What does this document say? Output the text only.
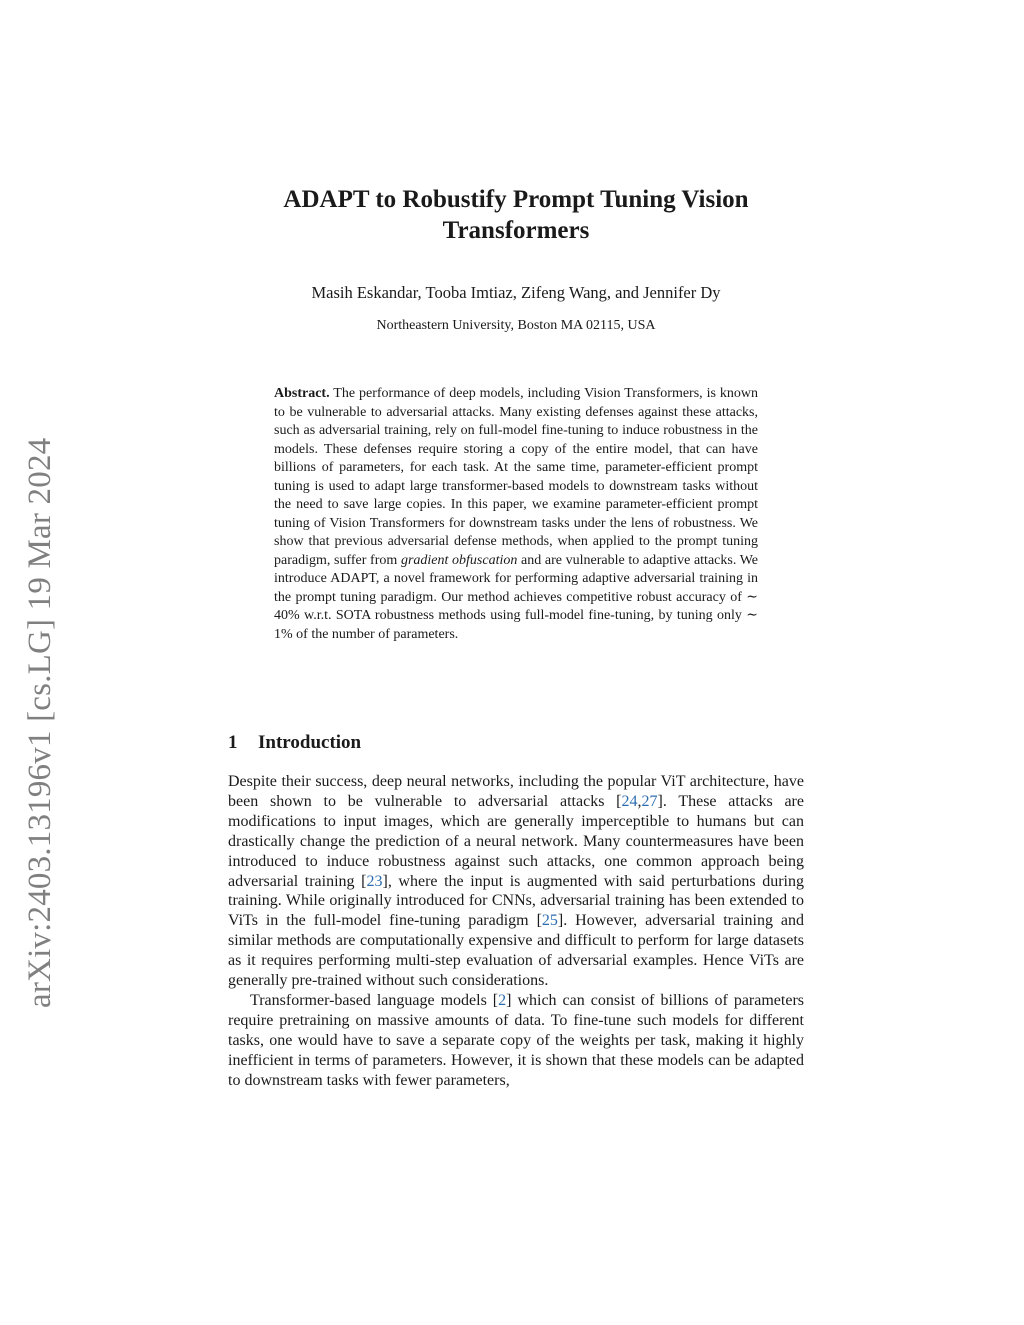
arXiv:2403.13196v1 [cs.LG] 19 Mar 2024
ADAPT to Robustify Prompt Tuning Vision Transformers
Masih Eskandar, Tooba Imtiaz, Zifeng Wang, and Jennifer Dy
Northeastern University, Boston MA 02115, USA
Abstract. The performance of deep models, including Vision Transformers, is known to be vulnerable to adversarial attacks. Many existing defenses against these attacks, such as adversarial training, rely on full-model fine-tuning to induce robustness in the models. These defenses require storing a copy of the entire model, that can have billions of parameters, for each task. At the same time, parameter-efficient prompt tuning is used to adapt large transformer-based models to downstream tasks without the need to save large copies. In this paper, we examine parameter-efficient prompt tuning of Vision Transformers for downstream tasks under the lens of robustness. We show that previous adversarial defense methods, when applied to the prompt tuning paradigm, suffer from gradient obfuscation and are vulnerable to adaptive attacks. We introduce ADAPT, a novel framework for performing adaptive adversarial training in the prompt tuning paradigm. Our method achieves competitive robust accuracy of ∼ 40% w.r.t. SOTA robustness methods using full-model fine-tuning, by tuning only ∼ 1% of the number of parameters.
1 Introduction

Despite their success, deep neural networks, including the popular ViT architecture, have been shown to be vulnerable to adversarial attacks [24,27]. These attacks are modifications to input images, which are generally imperceptible to humans but can drastically change the prediction of a neural network. Many countermeasures have been introduced to induce robustness against such attacks, one common approach being adversarial training [23], where the input is augmented with said perturbations during training. While originally introduced for CNNs, adversarial training has been extended to ViTs in the full-model fine-tuning paradigm [25]. However, adversarial training and similar methods are computationally expensive and difficult to perform for large datasets as it requires performing multi-step evaluation of adversarial examples. Hence ViTs are generally pre-trained without such considerations.

Transformer-based language models [2] which can consist of billions of parameters require pretraining on massive amounts of data. To fine-tune such models for different tasks, one would have to save a separate copy of the weights per task, making it highly inefficient in terms of parameters. However, it is shown that these models can be adapted to downstream tasks with fewer parameters,
